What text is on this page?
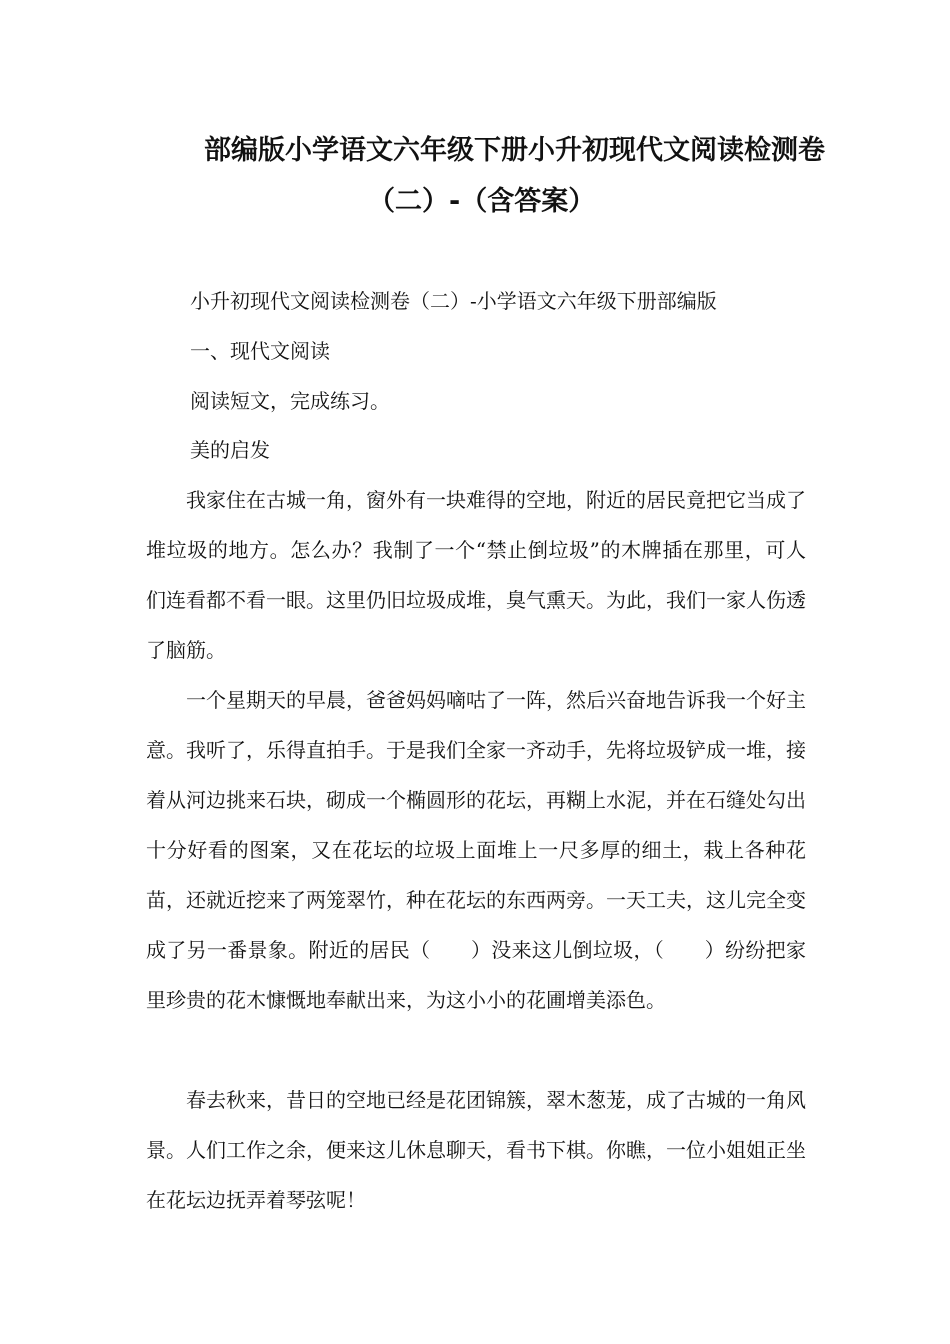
部编版小学语文六年级下册小升初现代文阅读检测卷
（二）-（含答案）
小升初现代文阅读检测卷（二）-小学语文六年级下册部编版
一、现代文阅读
阅读短文，完成练习。
美的启发

我家住在古城一角，窗外有一块难得的空地，附近的居民竟把它当成了堆垃圾的地方。怎么办？我制了一个“禁止倒垃圾”的木牌插在那里，可人们连看都不看一眼。这里仍旧垃圾成堆，臭气熏天。为此，我们一家人伤透了脑筋。

一个星期天的早晨，爸爸妈妈嘀咕了一阵，然后兴奋地告诉我一个好主意。我听了，乐得直拍手。于是我们全家一齐动手，先将垃圾铲成一堆，接着从河边挑来石块，砌成一个椭圆形的花坛，再糊上水泥，并在石缝处勾出十分好看的图案，又在花坛的垃圾上面堆上一尺多厚的细土，栽上各种花苗，还就近挖来了两笼翠竹，种在花坛的东西两旁。一天工夫，这儿完全变成了另一番景象。附近的居民（　　）没来这儿倒垃圾，（　　）纷纷把家里珍贵的花木慷慨地奉献出来，为这小小的花圃增美添色。

春去秋来，昔日的空地已经是花团锦簇，翠木葱茏，成了古城的一角风景。人们工作之余，便来这儿休息聊天，看书下棋。你瞧，一位小姐姐正坐在花坛边抚弄着琴弦呢！
